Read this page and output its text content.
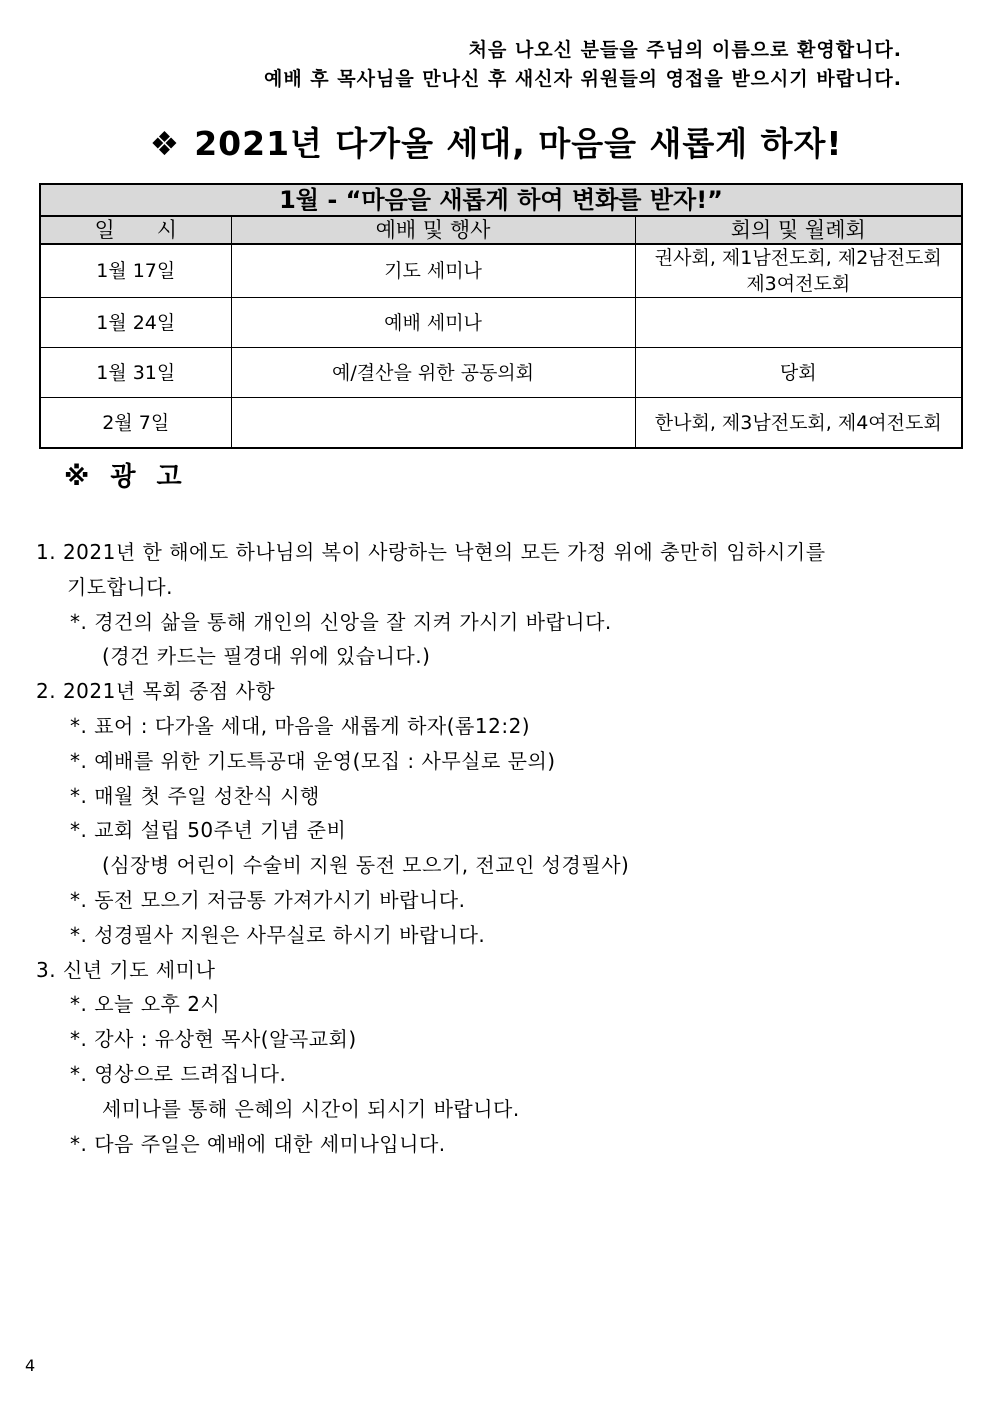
처음 나오신 분들을 주님의 이름으로 환영합니다.
예배 후 목사님을 만나신 후 새신자 위원들의 영접을 받으시기 바랍니다.
❖ 2021년 다가올 세대, 마음을 새롭게 하자!
1월 - “마음을 새롭게 하여 변화를 받자!”		
일　　시	예배 및 행사	회의 및 월례회
1월 17일	기도 세미나	권사회, 제1남전도회, 제2남전도회
제3여전도회

1월 24일	예배 세미나	
1월 31일	예/결산을 위한 공동의회	당회
2월 7일		한나회, 제3남전도회, 제4여전도회
※ 광 고
1. 2021년 한 해에도 하나님의 복이 사랑하는 낙현의 모든 가정 위에 충만히 임하시기를
기도합니다.
*. 경건의 삶을 통해 개인의 신앙을 잘 지켜 가시기 바랍니다.
(경건 카드는 필경대 위에 있습니다.)
2. 2021년 목회 중점 사항
*. 표어 : 다가올 세대, 마음을 새롭게 하자(롬12:2)
*. 예배를 위한 기도특공대 운영(모집 : 사무실로 문의)
*. 매월 첫 주일 성찬식 시행
*. 교회 설립 50주년 기념 준비
(심장병 어린이 수술비 지원 동전 모으기, 전교인 성경필사)
*. 동전 모으기 저금통 가져가시기 바랍니다.
*. 성경필사 지원은 사무실로 하시기 바랍니다.
3. 신년 기도 세미나
*. 오늘 오후 2시
*. 강사 : 유상현 목사(알곡교회)
*. 영상으로 드려집니다.
세미나를 통해 은혜의 시간이 되시기 바랍니다.
*. 다음 주일은 예배에 대한 세미나입니다.
4
